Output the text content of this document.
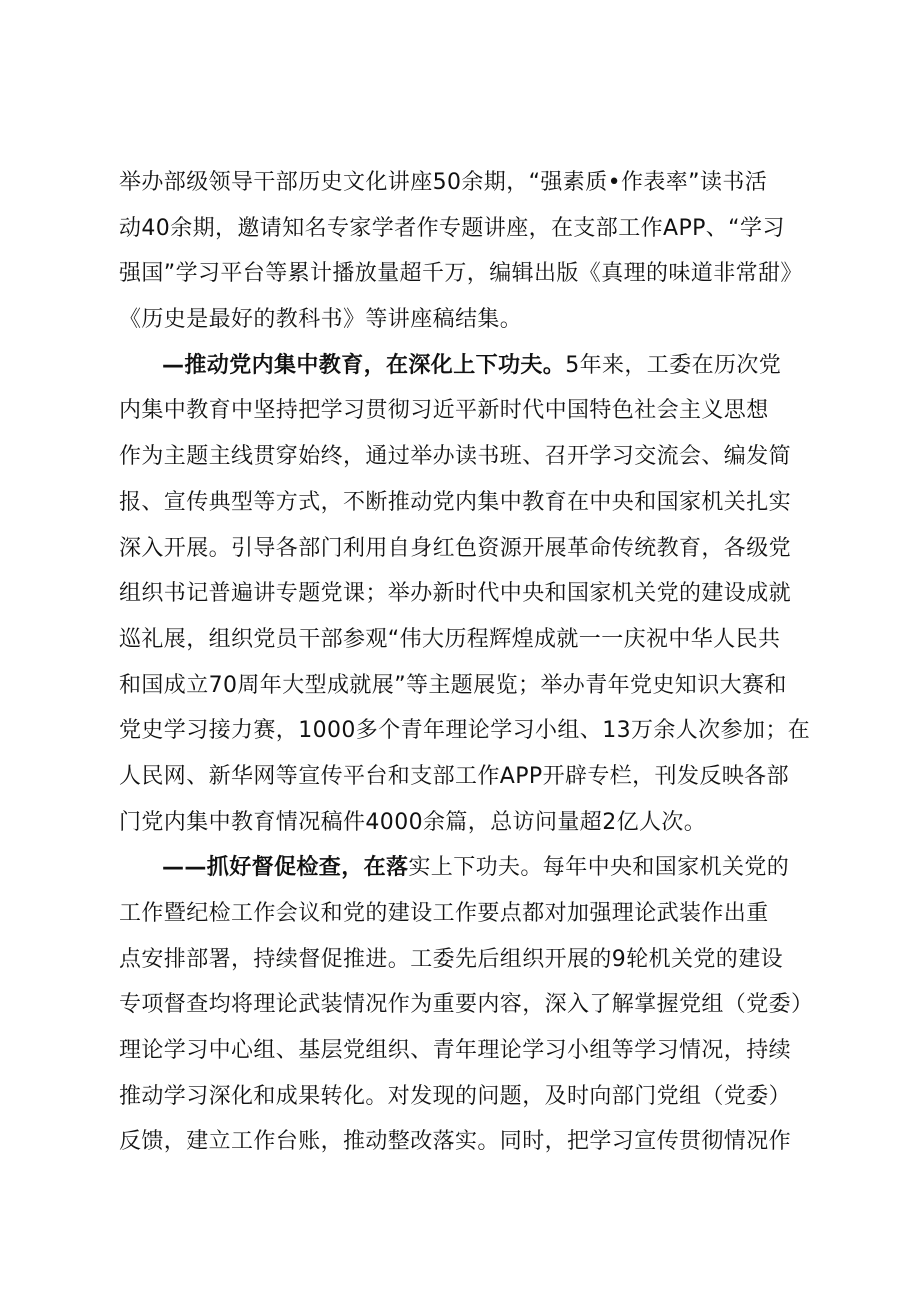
举办部级领导干部历史文化讲座50余期，“强素质•作表率”读书活
动40余期，邀请知名专家学者作专题讲座，在支部工作APP、“学习
强国”学习平台等累计播放量超千万，编辑出版《真理的味道非常甜》
《历史是最好的教科书》等讲座稿结集。
—推动党内集中教育，在深化上下功夫。5年来，工委在历次党
内集中教育中坚持把学习贯彻习近平新时代中国特色社会主义思想
作为主题主线贯穿始终，通过举办读书班、召开学习交流会、编发简
报、宣传典型等方式，不断推动党内集中教育在中央和国家机关扎实
深入开展。引导各部门利用自身红色资源开展革命传统教育，各级党
组织书记普遍讲专题党课；举办新时代中央和国家机关党的建设成就
巡礼展，组织党员干部参观“伟大历程辉煌成就一一庆祝中华人民共
和国成立70周年大型成就展”等主题展览；举办青年党史知识大赛和
党史学习接力赛，1000多个青年理论学习小组、13万余人次参加；在
人民网、新华网等宣传平台和支部工作APP开辟专栏，刊发反映各部
门党内集中教育情况稿件4000余篇，总访问量超2亿人次。
——抓好督促检查，在落实上下功夫。每年中央和国家机关党的
工作暨纪检工作会议和党的建设工作要点都对加强理论武装作出重
点安排部署，持续督促推进。工委先后组织开展的9轮机关党的建设
专项督查均将理论武装情况作为重要内容，深入了解掌握党组（党委）
理论学习中心组、基层党组织、青年理论学习小组等学习情况，持续
推动学习深化和成果转化。对发现的问题，及时向部门党组（党委）
反馈，建立工作台账，推动整改落实。同时，把学习宣传贯彻情况作
